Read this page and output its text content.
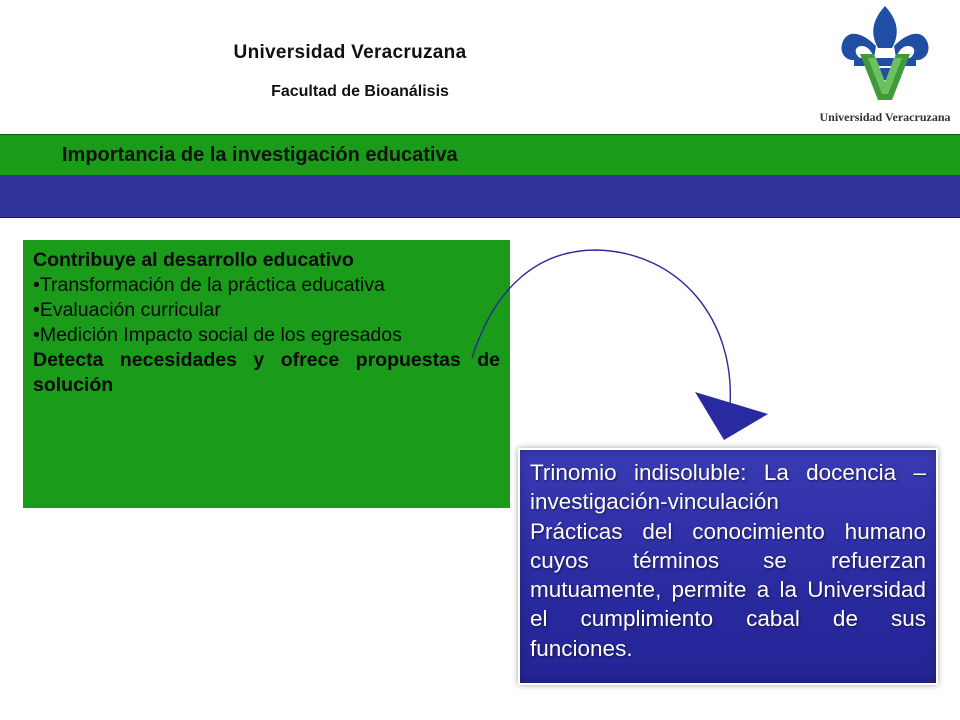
Universidad Veracruzana
Facultad de Bioanálisis
Universidad Veracruzana
Importancia de la investigación educativa

Contribuye al desarrollo educativo

•Transformación de la práctica educativa

•Evaluación curricular

•Medición Impacto social de los egresados

Detecta necesidades y ofrece propuestas de solución

Trinomio indisoluble: La docencia – investigación-vinculación

Prácticas del conocimiento humano cuyos términos se refuerzan mutuamente, permite a la Universidad el cumplimiento cabal de sus funciones.
